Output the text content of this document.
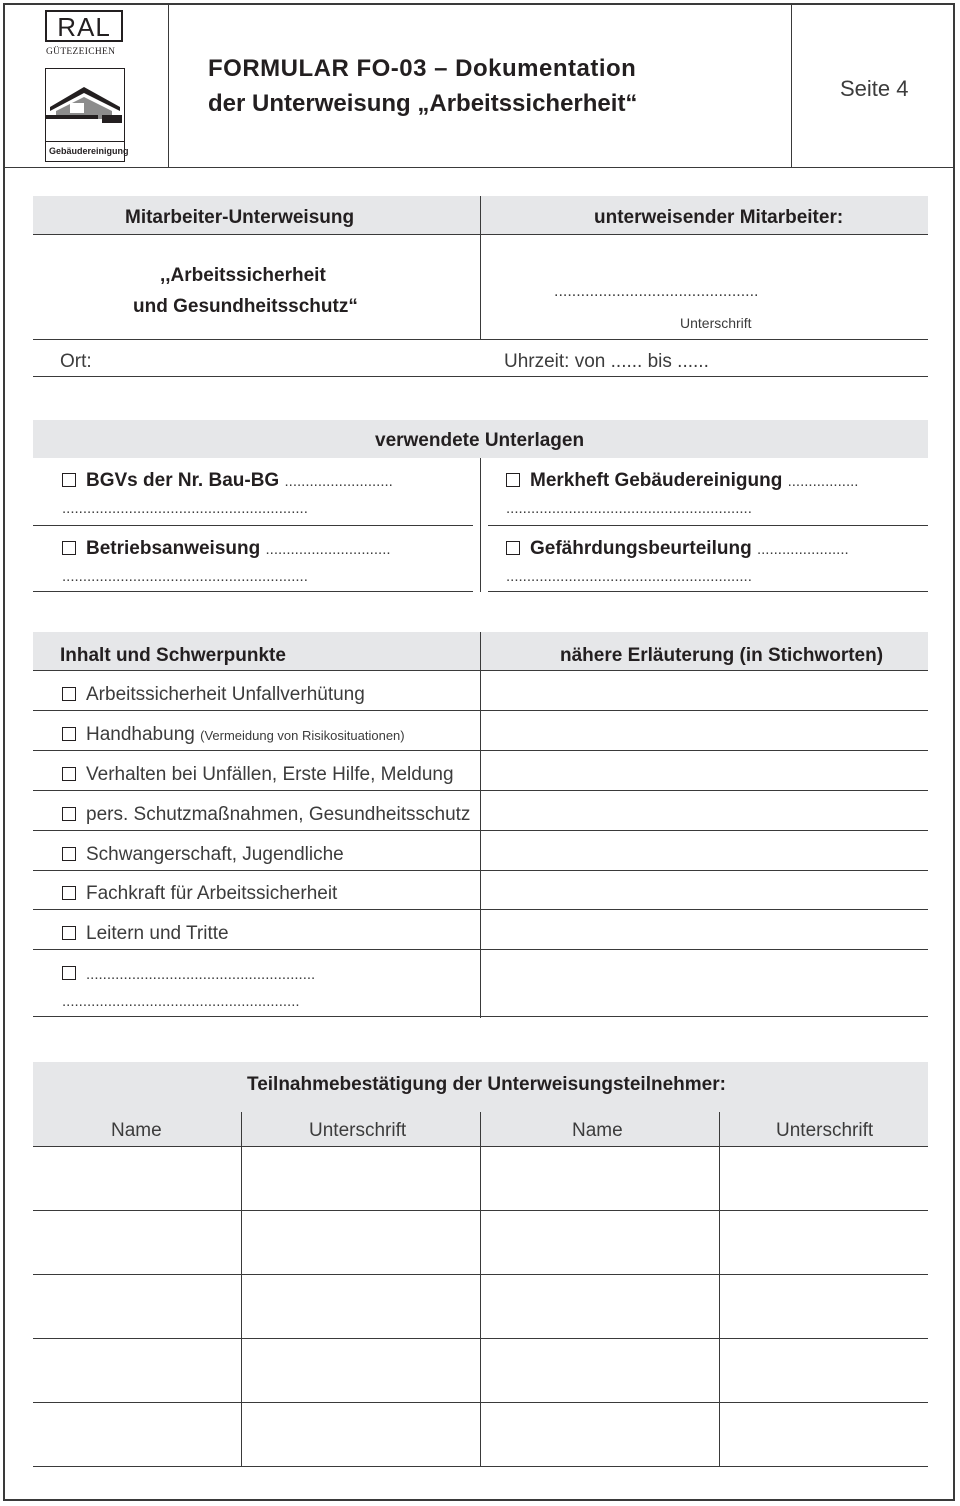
RAL
GÜTEZEICHEN
Gebäudereinigung
FORMULAR FO-03 – Dokumentation
der Unterweisung „Arbeitssicherheit“
Seite 4
Mitarbeiter-Unterweisung	unterweisender Mitarbeiter:
,,Arbeitssicherheit
und Gesundheitsschutz“
..............................................
Unterschrift
Ort:	Uhrzeit: von ...... bis ......
verwendete Unterlagen
BGVs der Nr. Bau-BG ..........................
...........................................................
Merkheft Gebäudereinigung .................
...........................................................
Betriebsanweisung ..............................
...........................................................
Gefährdungsbeurteilung ......................
...........................................................
Inhalt und Schwerpunkte	nähere Erläuterung (in Stichworten)
Arbeitssicherheit Unfallverhütung
Handhabung (Vermeidung von Risikosituationen)
Verhalten bei Unfällen, Erste Hilfe, Meldung
pers. Schutzmaßnahmen, Gesundheitsschutz
Schwangerschaft, Jugendliche
Fachkraft für Arbeitssicherheit
Leitern und Tritte
.......................................................
.........................................................
Teilnahmebestätigung der Unterweisungsteilnehmer:
Name	Unterschrift	Name	Unterschrift
